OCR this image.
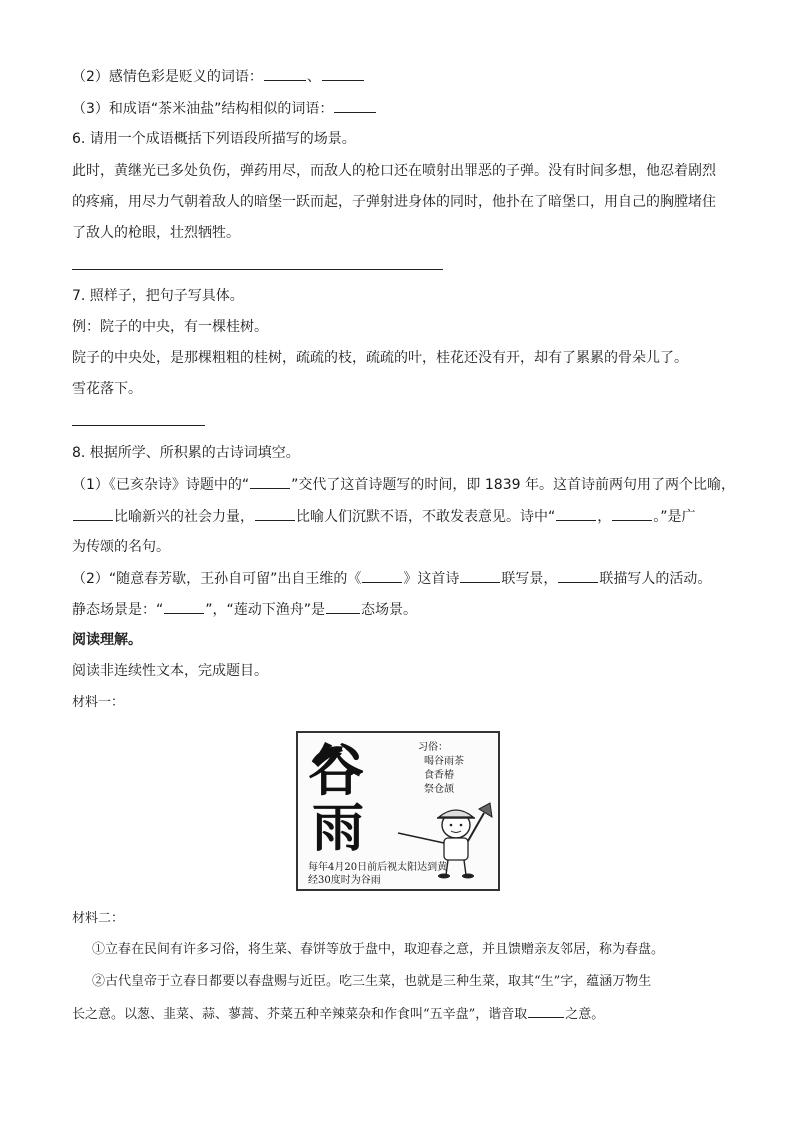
（2）感情色彩是贬义的词语：	、
（3）和成语“茶米油盐”结构相似的词语：
6. 请用一个成语概括下列语段所描写的场景。
此时，黄继光已多处负伤，弹药用尽，而敌人的枪口还在喷射出罪恶的子弹。没有时间多想，他忍着剧烈
的疼痛，用尽力气朝着敌人的暗堡一跃而起，子弹射进身体的同时，他扑在了暗堡口，用自己的胸膛堵住
了敌人的枪眼，壮烈牺牲。
7. 照样子，把句子写具体。
例：院子的中央，有一棵桂树。
院子的中央处，是那棵粗粗的桂树，疏疏的枝，疏疏的叶，桂花还没有开，却有了累累的骨朵儿了。
雪花落下。
8. 根据所学、所积累的古诗词填空。
（1）《已亥杂诗》诗题中的“	”交代了这首诗题写的时间，即 1839 年。这首诗前两句用了两个比喻，
比喻新兴的社会力量，	比喻人们沉默不语，不敢发表意见。诗中“	，	。”是广
为传颂的名句。
（2）“随意春芳歇，王孙自可留”出自王维的《	》这首诗	联写景，	联描写人的活动。
静态场景是：“	”，“莲动下渔舟”是	态场景。
阅读理解。
阅读非连续性文本，完成题目。
材料一：
谷
雨
习俗：
喝谷雨茶
食香椿
祭仓颉
每年4月20日前后视太阳达到黄
经30度时为谷雨
材料二：
①立春在民间有许多习俗，将生菜、春饼等放于盘中，取迎春之意，并且馈赠亲友邻居，称为春盘。
②古代皇帝于立春日都要以春盘赐与近臣。吃三生菜，也就是三种生菜，取其“生”字，蕴涵万物生
长之意。以葱、韭菜、蒜、蓼蒿、芥菜五种辛辣菜杂和作食叫“五辛盘”，谐音取	之意。
